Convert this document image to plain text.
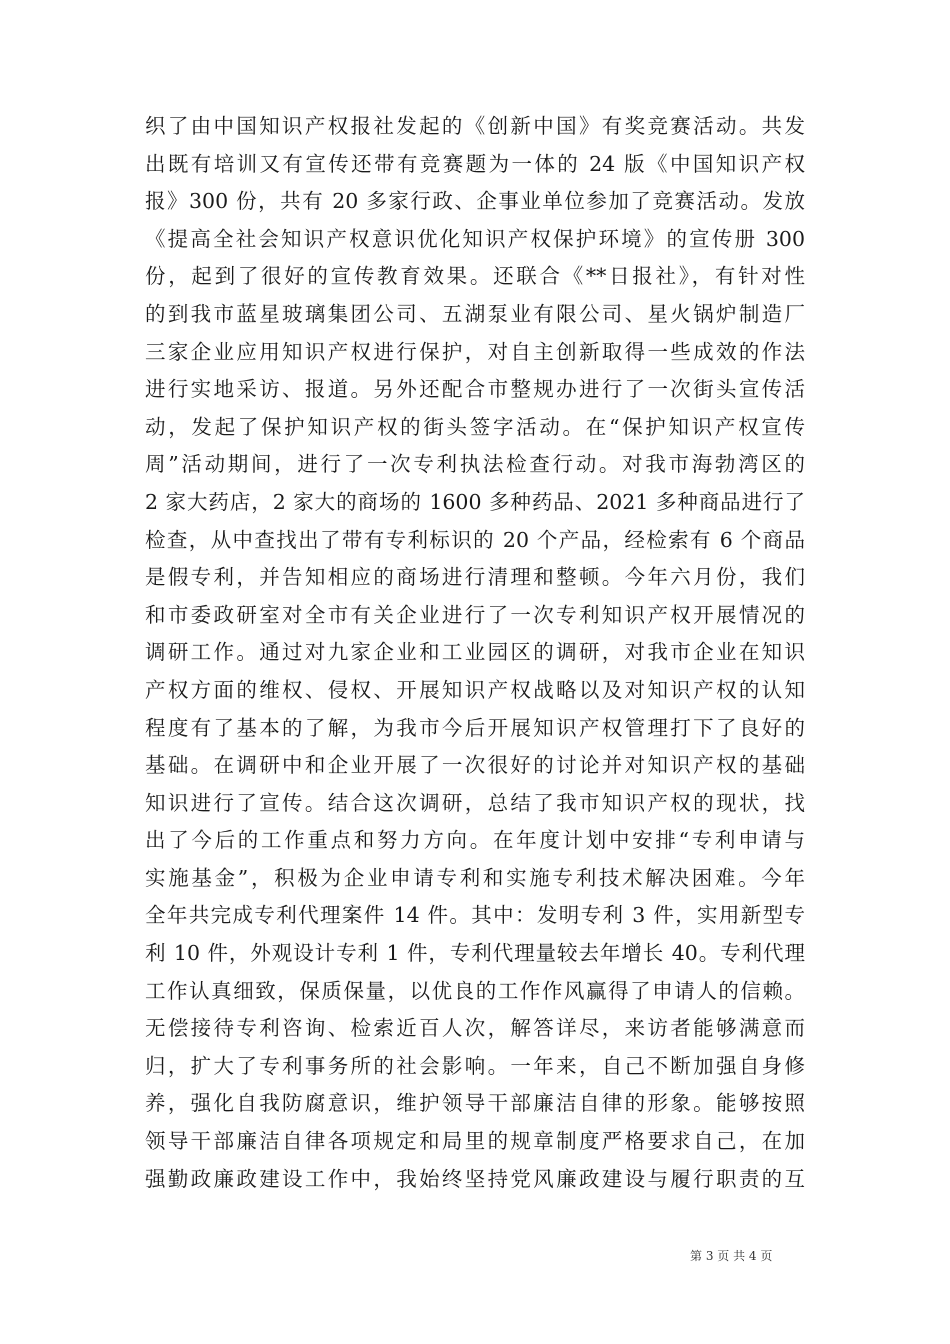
织了由中国知识产权报社发起的《创新中国》有奖竞赛活动。共发
出既有培训又有宣传还带有竞赛题为一体的 24 版《中国知识产权
报》300 份，共有 20 多家行政、企事业单位参加了竞赛活动。发放
《提高全社会知识产权意识优化知识产权保护环境》的宣传册 300
份，起到了很好的宣传教育效果。还联合《**日报社》，有针对性
的到我市蓝星玻璃集团公司、五湖泵业有限公司、星火锅炉制造厂
三家企业应用知识产权进行保护，对自主创新取得一些成效的作法
进行实地采访、报道。另外还配合市整规办进行了一次街头宣传活
动，发起了保护知识产权的街头签字活动。在“保护知识产权宣传
周”活动期间，进行了一次专利执法检查行动。对我市海勃湾区的
2 家大药店，2 家大的商场的 1600 多种药品、2021 多种商品进行了
检查，从中查找出了带有专利标识的 20 个产品，经检索有 6 个商品
是假专利，并告知相应的商场进行清理和整顿。今年六月份，我们
和市委政研室对全市有关企业进行了一次专利知识产权开展情况的
调研工作。通过对九家企业和工业园区的调研，对我市企业在知识
产权方面的维权、侵权、开展知识产权战略以及对知识产权的认知
程度有了基本的了解，为我市今后开展知识产权管理打下了良好的
基础。在调研中和企业开展了一次很好的讨论并对知识产权的基础
知识进行了宣传。结合这次调研，总结了我市知识产权的现状，找
出了今后的工作重点和努力方向。在年度计划中安排“专利申请与
实施基金”，积极为企业申请专利和实施专利技术解决困难。今年
全年共完成专利代理案件 14 件。其中：发明专利 3 件，实用新型专
利 10 件，外观设计专利 1 件，专利代理量较去年增长 40。专利代理
工作认真细致，保质保量，以优良的工作作风赢得了申请人的信赖。
无偿接待专利咨询、检索近百人次，解答详尽，来访者能够满意而
归，扩大了专利事务所的社会影响。一年来，自己不断加强自身修
养，强化自我防腐意识，维护领导干部廉洁自律的形象。能够按照
领导干部廉洁自律各项规定和局里的规章制度严格要求自己，在加
强勤政廉政建设工作中，我始终坚持党风廉政建设与履行职责的互
第 3 页 共 4 页
